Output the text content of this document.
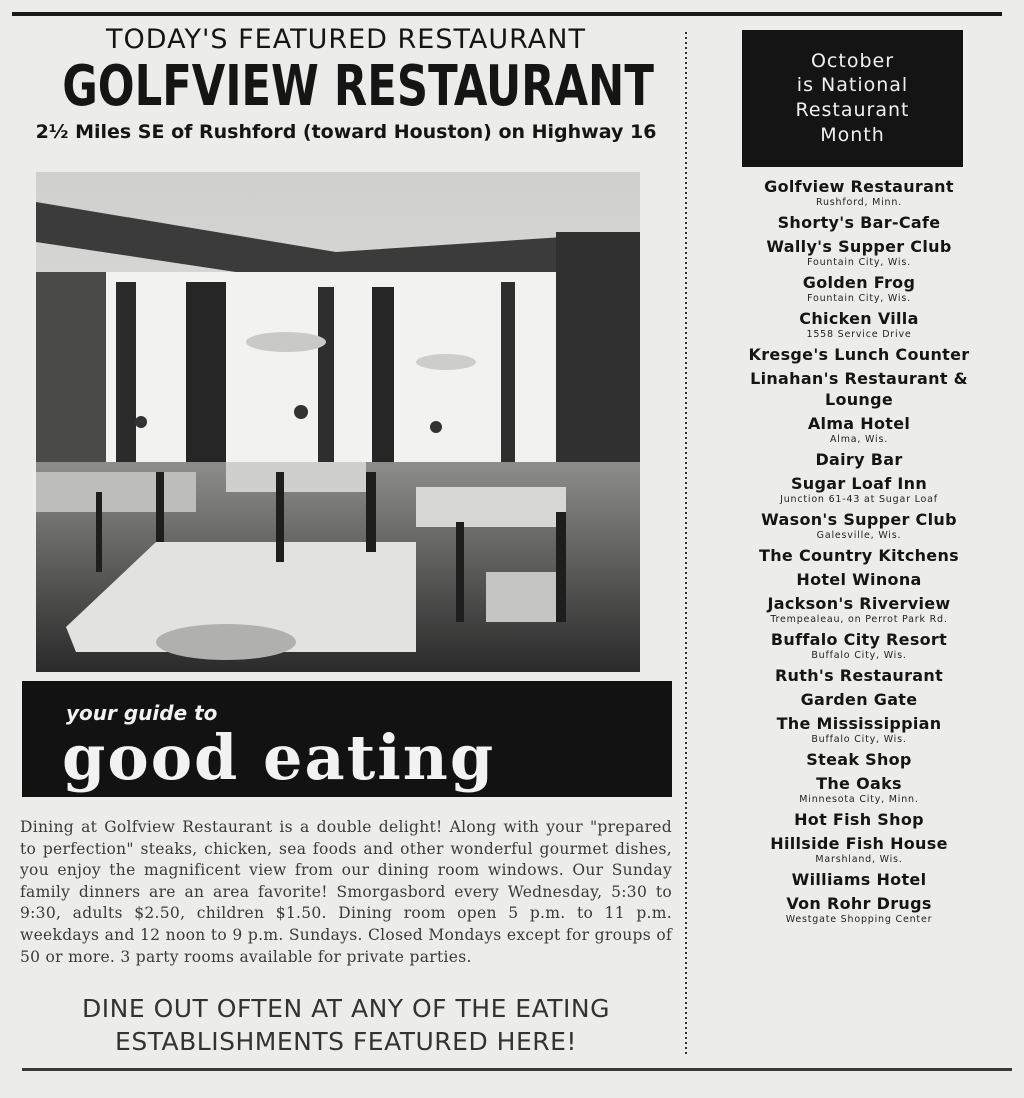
TODAY'S FEATURED RESTAURANT
GOLFVIEW RESTAURANT
2½ Miles SE of Rushford (toward Houston) on Highway 16
your guide to
good eating
Dining at Golfview Restaurant is a double delight! Along with your "prepared to perfection" steaks, chicken, sea foods and other wonderful gourmet dishes, you enjoy the magnificent view from our dining room windows. Our Sunday family dinners are an area favorite! Smorgasbord every Wednesday, 5:30 to 9:30, adults $2.50, children $1.50. Dining room open 5 p.m. to 11 p.m. weekdays and 12 noon to 9 p.m. Sundays. Closed Mondays except for groups of 50 or more. 3 party rooms available for private parties.
DINE OUT OFTEN AT ANY OF THE EATING
ESTABLISHMENTS FEATURED HERE!
October
is National
Restaurant
Month
Golfview Restaurant
Rushford, Minn.
Shorty's Bar-Cafe
Wally's Supper Club
Fountain City, Wis.
Golden Frog
Fountain City, Wis.
Chicken Villa
1558 Service Drive
Kresge's Lunch Counter
Linahan's Restaurant &
Lounge
Alma Hotel
Alma, Wis.
Dairy Bar
Sugar Loaf Inn
Junction 61-43 at Sugar Loaf
Wason's Supper Club
Galesville, Wis.
The Country Kitchens
Hotel Winona
Jackson's Riverview
Trempealeau, on Perrot Park Rd.
Buffalo City Resort
Buffalo City, Wis.
Ruth's Restaurant
Garden Gate
The Mississippian
Buffalo City, Wis.
Steak Shop
The Oaks
Minnesota City, Minn.
Hot Fish Shop
Hillside Fish House
Marshland, Wis.
Williams Hotel
Von Rohr Drugs
Westgate Shopping Center
